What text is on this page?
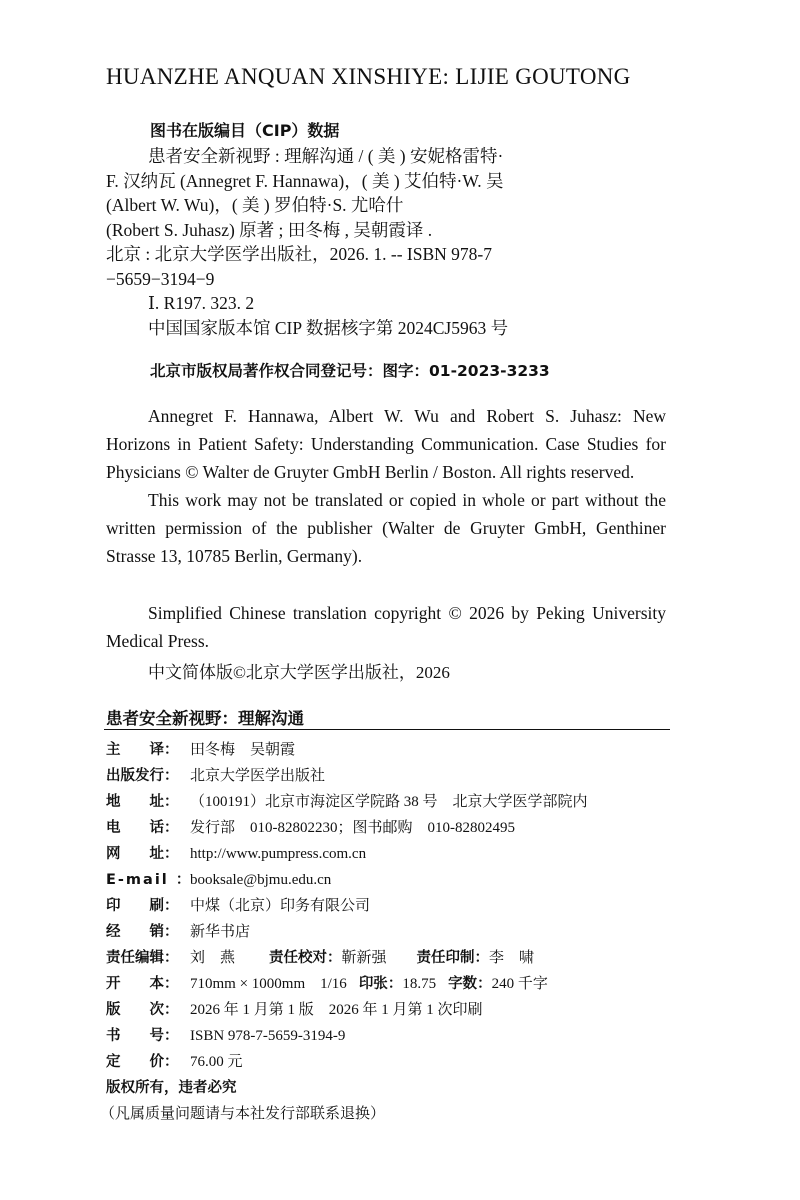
HUANZHE ANQUAN XINSHIYE: LIJIE GOUTONG
图书在版编目（CIP）数据
患者安全新视野 : 理解沟通 / ( 美 ) 安妮格雷特·
F. 汉纳瓦 (Annegret F. Hannawa)，( 美 ) 艾伯特·W. 吴
(Albert W. Wu)，( 美 ) 罗伯特·S. 尤哈什
(Robert S. Juhasz) 原著 ; 田冬梅 , 吴朝霞译 .
北京 : 北京大学医学出版社，2026. 1. -- ISBN 978-7
−5659−3194−9
Ⅰ. R197. 323. 2
中国国家版本馆 CIP 数据核字第 2024CJ5963 号
北京市版权局著作权合同登记号：图字：01-2023-3233
Annegret F. Hannawa, Albert W. Wu and Robert S. Juhasz: New Horizons in Patient Safety: Understanding Communication. Case Studies for Physicians © Walter de Gruyter GmbH Berlin / Boston. All rights reserved.
This work may not be translated or copied in whole or part without the written permission of the publisher (Walter de Gruyter GmbH, Genthiner Strasse 13, 10785 Berlin, Germany).
Simplified Chinese translation copyright © 2026 by Peking University Medical Press.
中文简体版©北京大学医学出版社，2026
患者安全新视野：理解沟通
主　　译： 田冬梅　吴朝霞
出版发行： 北京大学医学出版社
地　　址： （100191）北京市海淀区学院路 38 号　北京大学医学部院内
电　　话： 发行部　010-82802230；图书邮购　010-82802495
网　　址： http://www.pumpress.com.cn
E-mail ：
booksale@bjmu.edu.cn
印　　刷： 中煤（北京）印务有限公司
经　　销： 新华书店
责任编辑： 刘　燕 责任校对： 靳新强 责任印制： 李　啸
开　　本： 710mm × 1000mm　1/16 印张： 18.75 字数： 240 千字
版　　次： 2026 年 1 月第 1 版　2026 年 1 月第 1 次印刷
书　　号： ISBN 978-7-5659-3194-9
定　　价： 76.00 元
版权所有，违者必究
（凡属质量问题请与本社发行部联系退换）
